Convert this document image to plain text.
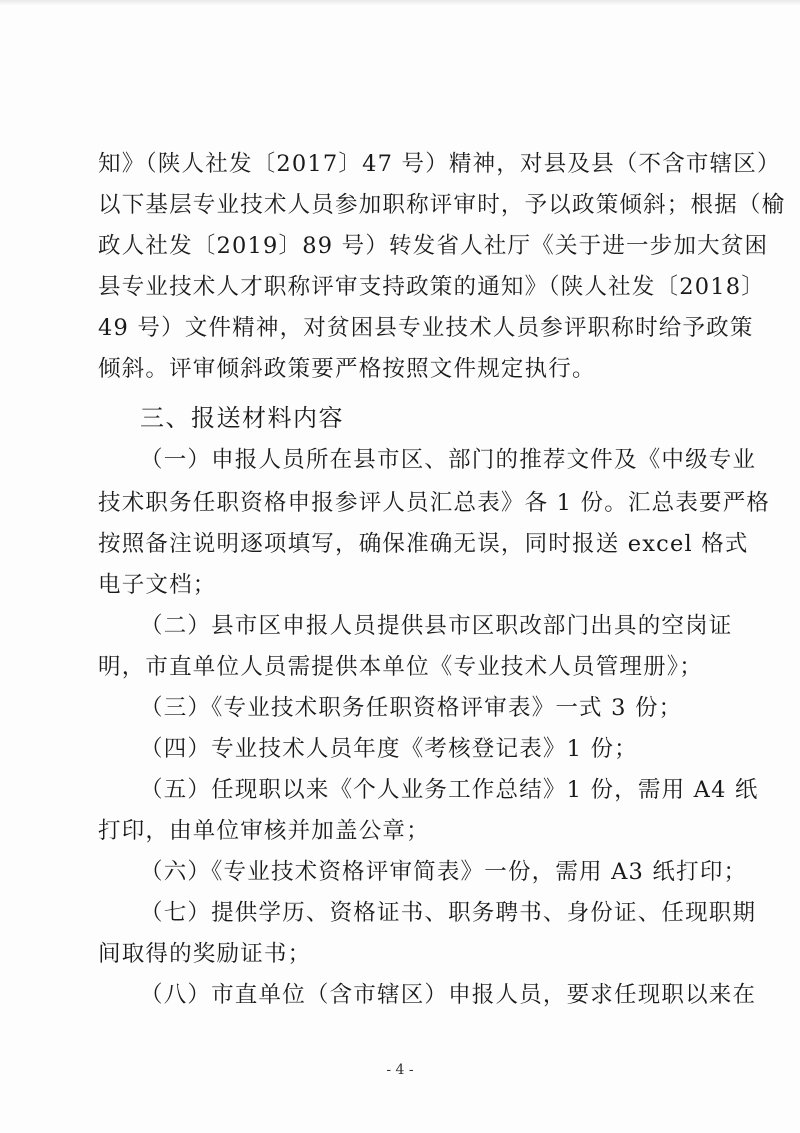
知》（陕人社发〔2017〕47 号）精神，对县及县（不含市辖区）
以下基层专业技术人员参加职称评审时，予以政策倾斜；根据（榆
政人社发〔2019〕89 号）转发省人社厅《关于进一步加大贫困
县专业技术人才职称评审支持政策的通知》（陕人社发〔2018〕
49 号）文件精神，对贫困县专业技术人员参评职称时给予政策
倾斜。评审倾斜政策要严格按照文件规定执行。
三、报送材料内容
（一）申报人员所在县市区、部门的推荐文件及《中级专业
技术职务任职资格申报参评人员汇总表》各 1 份。汇总表要严格
按照备注说明逐项填写，确保准确无误，同时报送 excel 格式
电子文档；
（二）县市区申报人员提供县市区职改部门出具的空岗证
明，市直单位人员需提供本单位《专业技术人员管理册》；
（三）《专业技术职务任职资格评审表》一式 3 份；
（四）专业技术人员年度《考核登记表》1 份；
（五）任现职以来《个人业务工作总结》1 份，需用 A4 纸
打印，由单位审核并加盖公章；
（六）《专业技术资格评审简表》一份，需用 A3 纸打印；
（七）提供学历、资格证书、职务聘书、身份证、任现职期
间取得的奖励证书；
（八）市直单位（含市辖区）申报人员，要求任现职以来在
- 4 -
